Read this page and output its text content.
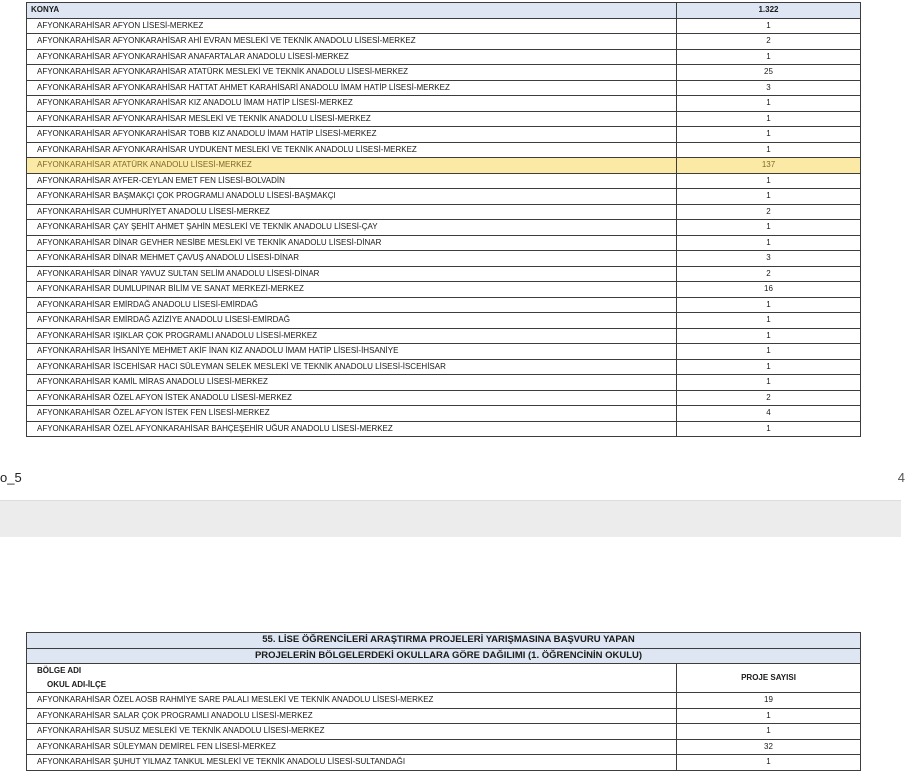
KONYA	1.322
AFYONKARAHİSAR AFYON LİSESİ-MERKEZ	1
AFYONKARAHİSAR AFYONKARAHİSAR AHİ EVRAN MESLEKİ VE TEKNİK ANADOLU LİSESİ-MERKEZ	2
AFYONKARAHİSAR AFYONKARAHİSAR ANAFARTALAR ANADOLU LİSESİ-MERKEZ	1
AFYONKARAHİSAR AFYONKARAHİSAR ATATÜRK MESLEKİ VE TEKNİK ANADOLU LİSESİ-MERKEZ	25
AFYONKARAHİSAR AFYONKARAHİSAR HATTAT AHMET KARAHİSARİ ANADOLU İMAM HATİP LİSESİ-MERKEZ	3
AFYONKARAHİSAR AFYONKARAHİSAR KIZ ANADOLU İMAM HATİP LİSESİ-MERKEZ	1
AFYONKARAHİSAR AFYONKARAHİSAR MESLEKİ VE TEKNİK ANADOLU LİSESİ-MERKEZ	1
AFYONKARAHİSAR AFYONKARAHİSAR TOBB KIZ ANADOLU İMAM HATİP LİSESİ-MERKEZ	1
AFYONKARAHİSAR AFYONKARAHİSAR UYDUKENT MESLEKİ VE TEKNİK ANADOLU LİSESİ-MERKEZ	1
AFYONKARAHİSAR ATATÜRK ANADOLU LİSESİ-MERKEZ	137
AFYONKARAHİSAR AYFER-CEYLAN EMET FEN LİSESİ-BOLVADİN	1
AFYONKARAHİSAR BAŞMAKÇI ÇOK PROGRAMLI ANADOLU LİSESİ-BAŞMAKÇI	1
AFYONKARAHİSAR CUMHURİYET ANADOLU LİSESİ-MERKEZ	2
AFYONKARAHİSAR ÇAY ŞEHİT AHMET ŞAHİN MESLEKİ VE TEKNİK ANADOLU LİSESİ-ÇAY	1
AFYONKARAHİSAR DİNAR GEVHER NESİBE MESLEKİ VE TEKNİK ANADOLU LİSESİ-DİNAR	1
AFYONKARAHİSAR DİNAR MEHMET ÇAVUŞ ANADOLU LİSESİ-DİNAR	3
AFYONKARAHİSAR DİNAR YAVUZ SULTAN SELİM ANADOLU LİSESİ-DİNAR	2
AFYONKARAHİSAR DUMLUPINAR BİLİM VE SANAT MERKEZİ-MERKEZ	16
AFYONKARAHİSAR EMİRDAĞ ANADOLU LİSESİ-EMİRDAĞ	1
AFYONKARAHİSAR EMİRDAĞ AZİZİYE ANADOLU LİSESİ-EMİRDAĞ	1
AFYONKARAHİSAR IŞIKLAR ÇOK PROGRAMLI ANADOLU LİSESİ-MERKEZ	1
AFYONKARAHİSAR İHSANİYE MEHMET AKİF İNAN KIZ ANADOLU İMAM HATİP LİSESİ-İHSANİYE	1
AFYONKARAHİSAR İSCEHİSAR HACI SÜLEYMAN SELEK MESLEKİ VE TEKNİK ANADOLU LİSESİ-İSCEHİSAR	1
AFYONKARAHİSAR KAMİL MİRAS ANADOLU LİSESİ-MERKEZ	1
AFYONKARAHİSAR ÖZEL AFYON İSTEK ANADOLU LİSESİ-MERKEZ	2
AFYONKARAHİSAR ÖZEL AFYON İSTEK FEN LİSESİ-MERKEZ	4
AFYONKARAHİSAR ÖZEL AFYONKARAHİSAR BAHÇEŞEHİR UĞUR ANADOLU LİSESİ-MERKEZ	1
o_5	4
55. LİSE ÖĞRENCİLERİ ARAŞTIRMA PROJELERİ YARIŞMASINA BAŞVURU YAPAN	
PROJELERİN BÖLGELERDEKİ OKULLARA GÖRE DAĞILIMI (1. ÖĞRENCİNİN OKULU)	
BÖLGE ADI
OKUL ADI-İLÇE	PROJE SAYISI
AFYONKARAHİSAR ÖZEL AOSB RAHMİYE SARE PALALI MESLEKİ VE TEKNİK ANADOLU LİSESİ-MERKEZ	19
AFYONKARAHİSAR SALAR ÇOK PROGRAMLI ANADOLU LİSESİ-MERKEZ	1
AFYONKARAHİSAR SUSUZ MESLEKİ VE TEKNİK ANADOLU LİSESİ-MERKEZ	1
AFYONKARAHİSAR SÜLEYMAN DEMİREL FEN LİSESİ-MERKEZ	32
AFYONKARAHİSAR ŞUHUT YILMAZ TANKUL MESLEKİ VE TEKNİK ANADOLU LİSESİ-SULTANDAĞI	1
